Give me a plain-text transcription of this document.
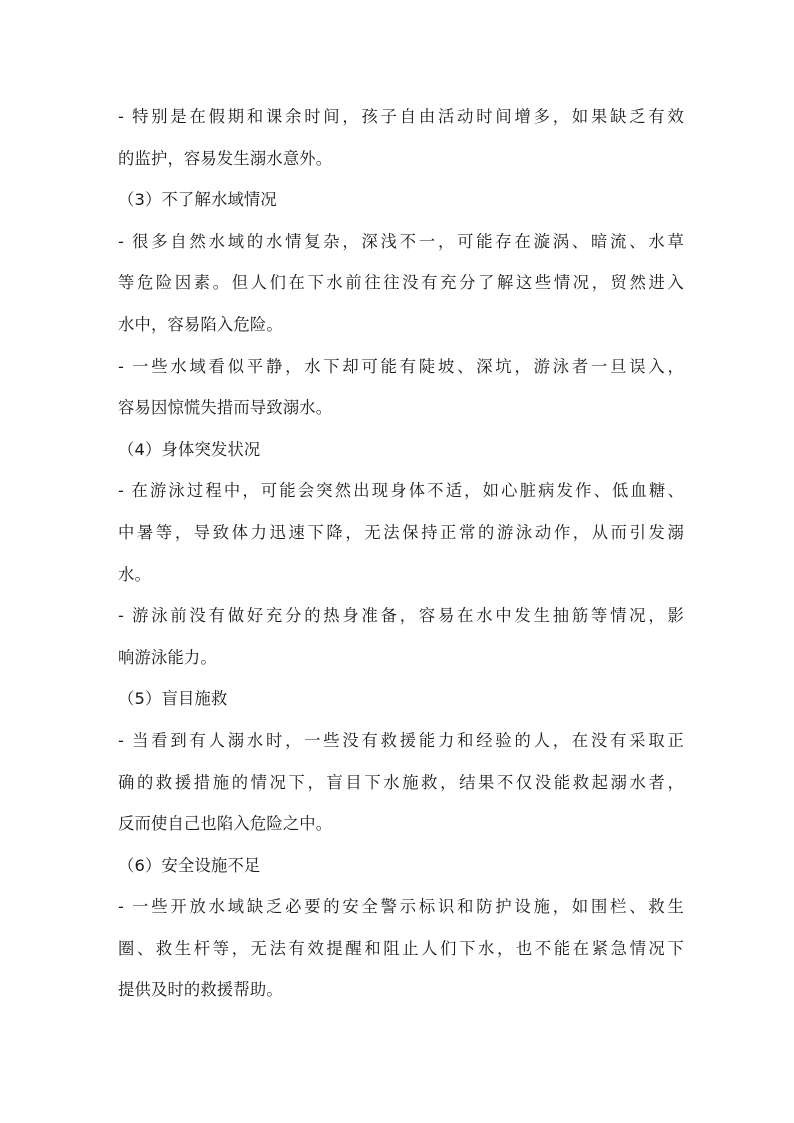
- 特别是在假期和课余时间，孩子自由活动时间增多，如果缺乏有效
的监护，容易发生溺水意外。
（3）不了解水域情况
- 很多自然水域的水情复杂，深浅不一，可能存在漩涡、暗流、水草
等危险因素。但人们在下水前往往没有充分了解这些情况，贸然进入
水中，容易陷入危险。
- 一些水域看似平静，水下却可能有陡坡、深坑，游泳者一旦误入，
容易因惊慌失措而导致溺水。
（4）身体突发状况
- 在游泳过程中，可能会突然出现身体不适，如心脏病发作、低血糖、
中暑等，导致体力迅速下降，无法保持正常的游泳动作，从而引发溺
水。
- 游泳前没有做好充分的热身准备，容易在水中发生抽筋等情况，影
响游泳能力。
（5）盲目施救
- 当看到有人溺水时，一些没有救援能力和经验的人，在没有采取正
确的救援措施的情况下，盲目下水施救，结果不仅没能救起溺水者，
反而使自己也陷入危险之中。
（6）安全设施不足
- 一些开放水域缺乏必要的安全警示标识和防护设施，如围栏、救生
圈、救生杆等，无法有效提醒和阻止人们下水，也不能在紧急情况下
提供及时的救援帮助。
